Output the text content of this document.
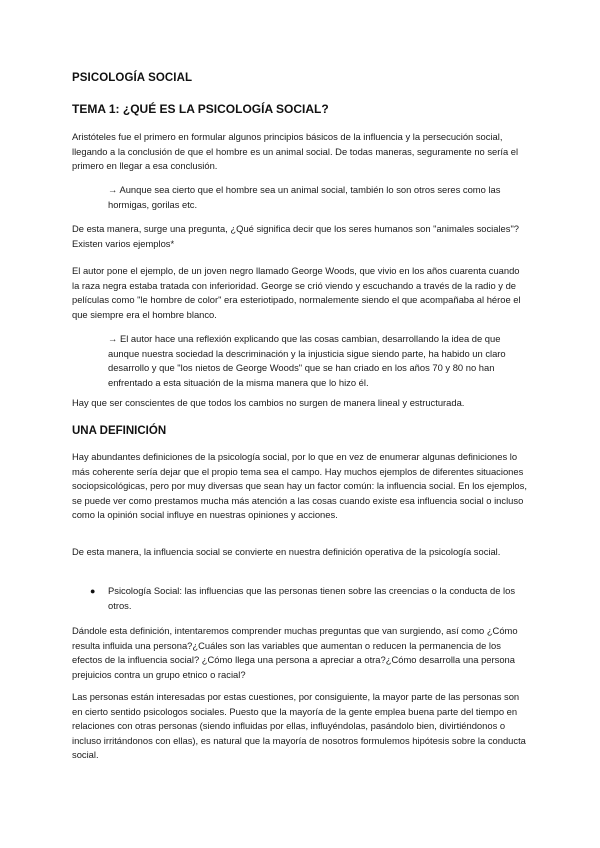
PSICOLOGÍA SOCIAL
TEMA 1: ¿QUÉ ES LA PSICOLOGÍA SOCIAL?

Aristóteles fue el primero en formular algunos principios básicos de la influencia y la persecución social, llegando a la conclusión de que el hombre es un animal social. De todas maneras, seguramente no sería el primero en llegar a esa conclusión.

→ Aunque sea cierto que el hombre sea un animal social, también lo son otros seres como las hormigas, gorilas etc.

De esta manera, surge una pregunta, ¿Qué significa decir que los seres humanos son "animales sociales"? Existen varios ejemplos*

El autor pone el ejemplo, de un joven negro llamado George Woods, que vivio en los años cuarenta cuando la raza negra estaba tratada con inferioridad. George se crió viendo y escuchando a través de la radio y de películas como "le hombre de color" era esteriotipado, normalemente siendo el que acompañaba al héroe el que siempre era el hombre blanco.

→ El autor hace una reflexión explicando que las cosas cambian, desarrollando la idea de que aunque nuestra sociedad la descriminación y la injusticia sigue siendo parte, ha habido un claro desarrollo y que "los nietos de George Woods" que se han criado en los años 70 y 80 no han enfrentado a esta situación de la misma manera que lo hizo él.

Hay que ser conscientes de que todos los cambios no surgen de manera lineal y estructurada.

UNA DEFINICIÓN

Hay abundantes definiciones de la psicología social, por lo que en vez de enumerar algunas definiciones lo más coherente sería dejar que el propio tema sea el campo. Hay muchos ejemplos de diferentes situaciones sociopsicológicas, pero por muy diversas que sean hay un factor común: la influencia social. En los ejemplos, se puede ver como prestamos mucha más atención a las cosas cuando existe esa influencia social o incluso como la opinión social influye en nuestras opiniones y acciones.

De esta manera, la influencia social se convierte en nuestra definición operativa de la psicología social.

● Psicología Social: las influencias que las personas tienen sobre las creencias o la conducta de los otros.

Dándole esta definición, intentaremos comprender muchas preguntas que van surgiendo, así como ¿Cómo resulta influida una persona?¿Cuáles son las variables que aumentan o reducen la permanencia de los efectos de la influencia social? ¿Cómo llega una persona a apreciar a otra?¿Cómo desarrolla una persona prejuicios contra un grupo etnico o racial?

Las personas están interesadas por estas cuestiones, por consiguiente, la mayor parte de las personas son en cierto sentido psicologos sociales. Puesto que la mayoría de la gente emplea buena parte del tiempo en relaciones con otras personas (siendo influidas por ellas, influyéndolas, pasándolo bien, divirtiéndonos o incluso irritándonos con ellas), es natural que la mayoría de nosotros formulemos hipótesis sobre la conducta social.
